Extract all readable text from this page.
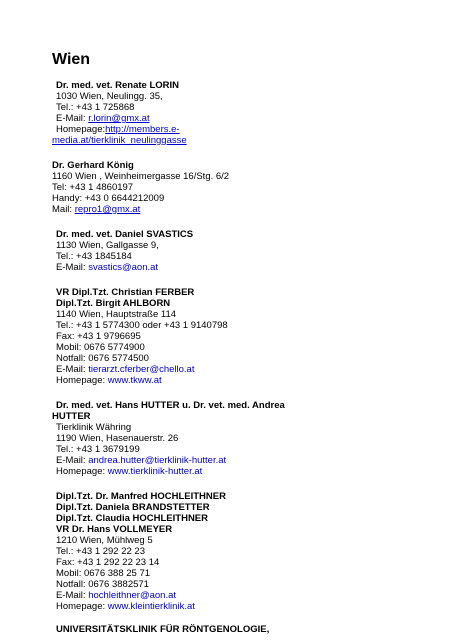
Wien
Dr. med. vet. Renate LORIN
1030 Wien, Neulingg. 35,
Tel.: +43 1 725868
E-Mail: r.lorin@gmx.at
Homepage:http://members.e-
media.at/tierklinik_neulinggasse
Dr. Gerhard König
1160 Wien , Weinheimergasse 16/Stg. 6/2
Tel: +43 1 4860197
Handy: +43 0 6644212009
Mail: repro1@gmx.at
Dr. med. vet. Daniel SVASTICS
1130 Wien, Gallgasse 9,
Tel.: +43 1845184
E-Mail: svastics@aon.at
VR Dipl.Tzt. Christian FERBER
Dipl.Tzt. Birgit AHLBORN
1140 Wien, Hauptstraße 114
Tel.: +43 1 5774300 oder +43 1 9140798
Fax: +43 1 9796695
Mobil: 0676 5774900
Notfall: 0676 5774500
E-Mail: tierarzt.cferber@chello.at
Homepage: www.tkww.at
Dr. med. vet. Hans HUTTER u. Dr. vet. med. Andrea
HUTTER
Tierklinik Währing
1190 Wien, Hasenauerstr. 26
Tel.: +43 1 3679199
E-Mail: andrea.hutter@tierklinik-hutter.at
Homepage: www.tierklinik-hutter.at
Dipl.Tzt. Dr. Manfred HOCHLEITHNER
Dipl.Tzt. Daniela BRANDSTETTER
Dipl.Tzt. Claudia HOCHLEITHNER
VR Dr. Hans VOLLMEYER
1210 Wien, Mühlweg 5
Tel.: +43 1 292 22 23
Fax: +43 1 292 22 23 14
Mobil: 0676 388 25 71
Notfall: 0676 3882571
E-Mail: hochleithner@aon.at
Homepage: www.kleintierklinik.at
UNIVERSITÄTSKLINIK FÜR RÖNTGENOLOGIE,
